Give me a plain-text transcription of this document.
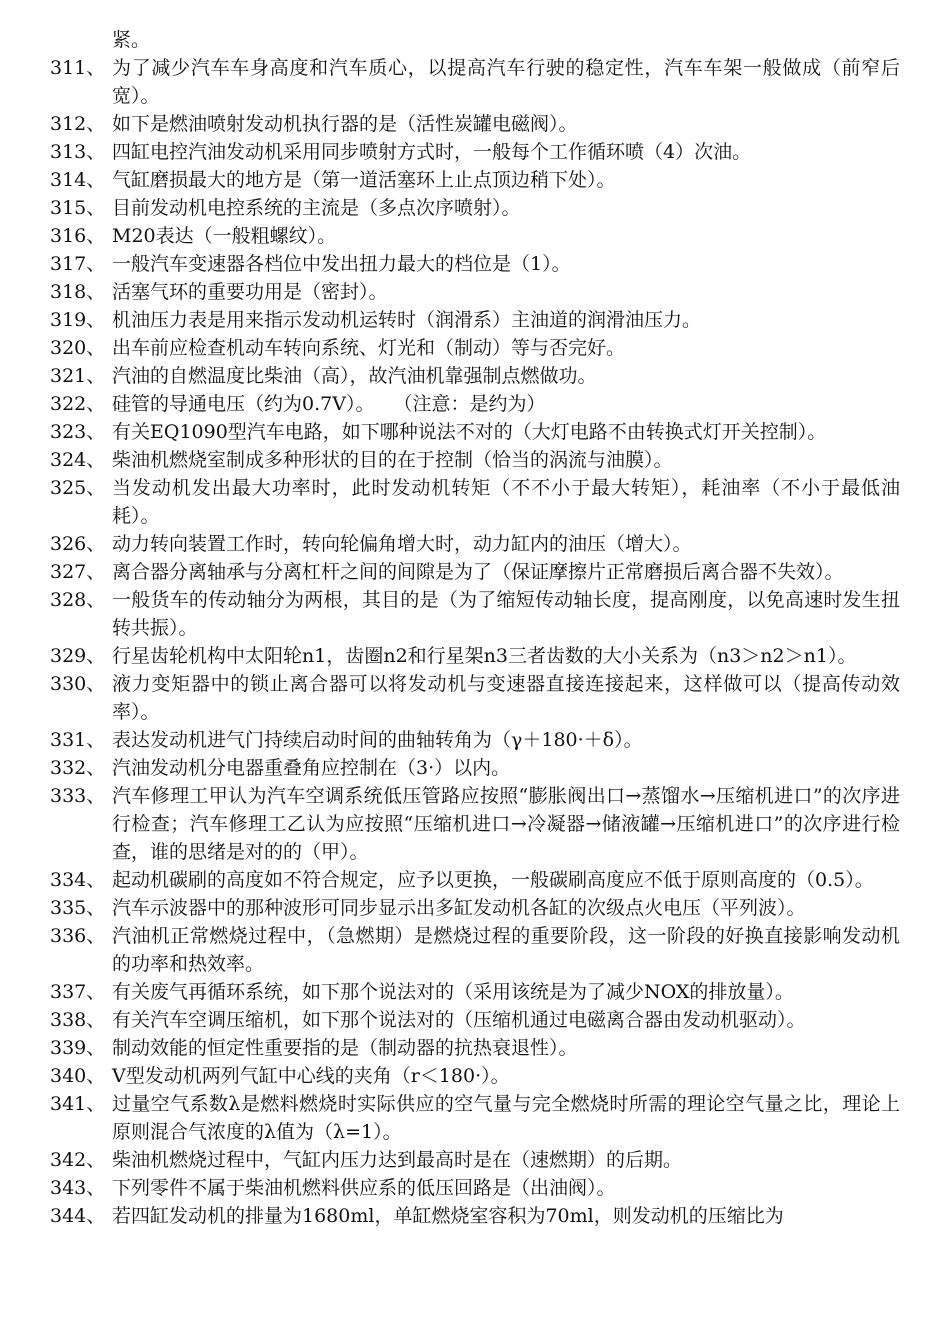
紧。
311、 为了减少汽车车身高度和汽车质心，以提高汽车行驶的稳定性，汽车车架一般做成（前窄后宽）。
312、 如下是燃油喷射发动机执行器的是（活性炭罐电磁阀）。
313、 四缸电控汽油发动机采用同步喷射方式时，一般每个工作循环喷（4）次油。
314、 气缸磨损最大的地方是（第一道活塞环上止点顶边稍下处）。
315、 目前发动机电控系统的主流是（多点次序喷射）。
316、 M20表达（一般粗螺纹）。
317、 一般汽车变速器各档位中发出扭力最大的档位是（1）。
318、 活塞气环的重要功用是（密封）。
319、 机油压力表是用来指示发动机运转时（润滑系）主油道的润滑油压力。
320、 出车前应检查机动车转向系统、灯光和（制动）等与否完好。
321、 汽油的自燃温度比柴油（高），故汽油机靠强制点燃做功。
322、 硅管的导通电压（约为0.7V）。　　（注意：是约为）
323、 有关EQ1090型汽车电路，如下哪种说法不对的（大灯电路不由转换式灯开关控制）。
324、 柴油机燃烧室制成多种形状的目的在于控制（恰当的涡流与油膜）。
325、 当发动机发出最大功率时，此时发动机转矩（不不小于最大转矩），耗油率（不小于最低油耗）。
326、 动力转向装置工作时，转向轮偏角增大时，动力缸内的油压（增大）。
327、 离合器分离轴承与分离杠杆之间的间隙是为了（保证摩擦片正常磨损后离合器不失效）。
328、 一般货车的传动轴分为两根，其目的是（为了缩短传动轴长度，提高刚度，以免高速时发生扭转共振）。
329、 行星齿轮机构中太阳轮n1，齿圈n2和行星架n3三者齿数的大小关系为（n3＞n2＞n1）。
330、 液力变矩器中的锁止离合器可以将发动机与变速器直接连接起来，这样做可以（提高传动效率）。
331、 表达发动机进气门持续启动时间的曲轴转角为（γ＋180·＋δ）。
332、 汽油发动机分电器重叠角应控制在（3·）以内。
333、 汽车修理工甲认为汽车空调系统低压管路应按照“膨胀阀出口→蒸馏水→压缩机进口”的次序进行检查；汽车修理工乙认为应按照“压缩机进口→冷凝器→储液罐→压缩机进口”的次序进行检查，谁的思绪是对的的（甲）。
334、 起动机碳刷的高度如不符合规定，应予以更换，一般碳刷高度应不低于原则高度的（0.5）。
335、 汽车示波器中的那种波形可同步显示出多缸发动机各缸的次级点火电压（平列波）。
336、 汽油机正常燃烧过程中，（急燃期）是燃烧过程的重要阶段，这一阶段的好换直接影响发动机的功率和热效率。
337、 有关废气再循环系统，如下那个说法对的（采用该统是为了减少NOX的排放量）。
338、 有关汽车空调压缩机，如下那个说法对的（压缩机通过电磁离合器由发动机驱动）。
339、 制动效能的恒定性重要指的是（制动器的抗热衰退性）。
340、 V型发动机两列气缸中心线的夹角（r＜180·）。
341、 过量空气系数λ是燃料燃烧时实际供应的空气量与完全燃烧时所需的理论空气量之比，理论上原则混合气浓度的λ值为（λ=1）。
342、 柴油机燃烧过程中，气缸内压力达到最高时是在（速燃期）的后期。
343、 下列零件不属于柴油机燃料供应系的低压回路是（出油阀）。
344、 若四缸发动机的排量为1680ml，单缸燃烧室容积为70ml，则发动机的压缩比为
